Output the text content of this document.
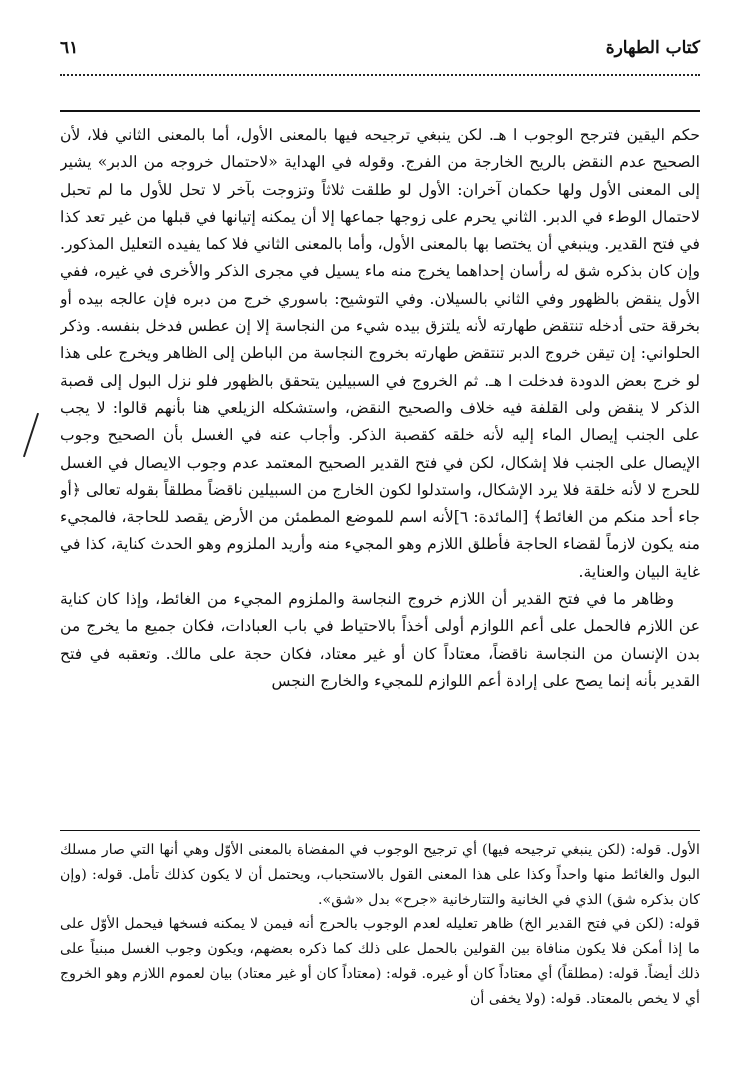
كتاب الطهارة
٦١

حكم اليقين فترجح الوجوب ا هـ. لكن ينبغي ترجيحه فيها بالمعنى الأول، أما بالمعنى الثاني فلا، لأن الصحيح عدم النقض بالريح الخارجة من الفرج. وقوله في الهداية «لاحتمال خروجه من الدبر» يشير إلى المعنى الأول ولها حكمان آخران: الأول لو طلقت ثلاثاً وتزوجت بآخر لا تحل للأول ما لم تحبل لاحتمال الوطء في الدبر. الثاني يحرم على زوجها جماعها إلا أن يمكنه إتيانها في قبلها من غير تعد كذا في فتح القدير. وينبغي أن يختصا بها بالمعنى الأول، وأما بالمعنى الثاني فلا كما يفيده التعليل المذكور. وإن كان بذكره شق له رأسان إحداهما يخرج منه ماء يسيل في مجرى الذكر والأخرى في غيره، ففي الأول ينقض بالظهور وفي الثاني بالسيلان. وفي التوشيح: باسوري خرج من دبره فإن عالجه بيده أو بخرقة حتى أدخله تنتقض طهارته لأنه يلتزق بيده شيء من النجاسة إلا إن عطس فدخل بنفسه. وذكر الحلواني: إن تيقن خروج الدبر تنتقض طهارته بخروج النجاسة من الباطن إلى الظاهر ويخرج على هذا لو خرج بعض الدودة فدخلت ا هـ. ثم الخروج في السبيلين يتحقق بالظهور فلو نزل البول إلى قصبة الذكر لا ينقض ولى القلفة فيه خلاف والصحيح النقض، واستشكله الزيلعي هنا بأنهم قالوا: لا يجب على الجنب إيصال الماء إليه لأنه خلقه كقصبة الذكر. وأجاب عنه في الغسل بأن الصحيح وجوب الإيصال على الجنب فلا إشكال، لكن في فتح القدير الصحيح المعتمد عدم وجوب الايصال في الغسل للحرج لا لأنه خلقة فلا يرد الإشكال، واستدلوا لكون الخارج من السبيلين ناقضاً مطلقاً بقوله تعالى ﴿أو جاء أحد منكم من الغائط﴾ [المائدة: ٦]لأنه اسم للموضع المطمئن من الأرض يقصد للحاجة، فالمجيء منه يكون لازماً لقضاء الحاجة فأطلق اللازم وهو المجيء منه وأريد الملزوم وهو الحدث كناية، كذا في غاية البيان والعناية.

وظاهر ما في فتح القدير أن اللازم خروج النجاسة والملزوم المجيء من الغائط، وإذا كان كناية عن اللازم فالحمل على أعم اللوازم أولى أخذاً بالاحتياط في باب العبادات، فكان جميع ما يخرج من بدن الإنسان من النجاسة ناقضاً، معتاداً كان أو غير معتاد، فكان حجة على مالك. وتعقبه في فتح القدير بأنه إنما يصح على إرادة أعم اللوازم للمجيء والخارج النجس

الأول. قوله: (لكن ينبغي ترجيحه فيها) أي ترجيح الوجوب في المفضاة بالمعنى الأوّل وهي أنها التي صار مسلك البول والغائط منها واحداً وكذا على هذا المعنى القول بالاستحباب، ويحتمل أن لا يكون كذلك تأمل. قوله: (وإن كان بذكره شق) الذي في الخانية والتتارخانية «جرح» بدل «شق».

قوله: (لكن في فتح القدير الخ) ظاهر تعليله لعدم الوجوب بالحرج أنه فيمن لا يمكنه فسخها فيحمل الأوّل على ما إذا أمكن فلا يكون منافاة بين القولين بالحمل على ذلك كما ذكره بعضهم، ويكون وجوب الغسل مبنياً على ذلك أيضاً. قوله: (مطلقاً) أي معتاداً كان أو غيره. قوله: (معتاداً كان أو غير معتاد) بيان لعموم اللازم وهو الخروج أي لا يخص بالمعتاد. قوله: (ولا يخفى أن
